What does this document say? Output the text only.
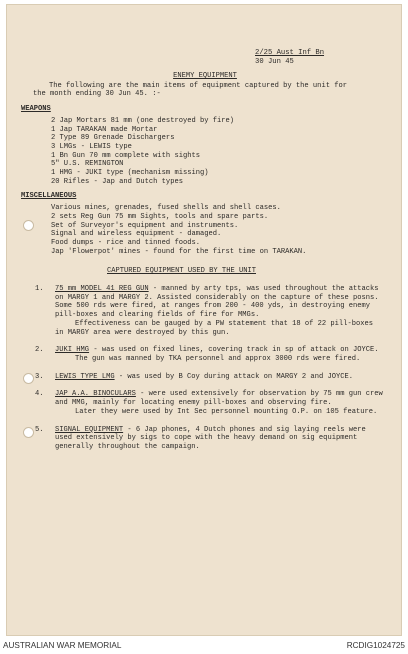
2/25 Aust Inf Bn
30 Jun 45
ENEMY EQUIPMENT
The following are the main items of equipment captured by the unit for
the month ending 30 Jun 45. :-
WEAPONS
2 Jap Mortars 81 mm (one destroyed by fire)
1 Jap TARAKAN made Mortar
2 Type 89 Grenade Dischargers
3 LMGs - LEWIS type
1 Bn Gun 70 mm complete with sights
5" U.S. REMINGTON
1 HMG - JUKI type (mechanism missing)
20 Rifles - Jap and Dutch types
MISCELLANEOUS
Various mines, grenades, fused shells and shell cases.
2 sets Reg Gun 75 mm Sights, tools and spare parts.
Set of Surveyor's equipment and instruments.
Signal and wireless equipment - damaged.
Food dumps - rice and tinned foods.
Jap 'Flowerpot' mines - found for the first time on TARAKAN.
CAPTURED EQUIPMENT USED BY THE UNIT
1. 75 mm MODEL 41 REG GUN - manned by arty tps, was used throughout the attacks on MARGY 1 and MARGY 2. Assisted considerably on the capture of these posns. Some 500 rds were fired, at ranges from 200 - 400 yds, in destroying enemy pill-boxes and clearing fields of fire for MMGs.
Effectiveness can be gauged by a PW statement that 18 of 22 pill-boxes in MARGY area were destroyed by this gun.
2. JUKI HMG - was used on fixed lines, covering track in sp of attack on JOYCE.
The gun was manned by TKA personnel and approx 3000 rds were fired.
3. LEWIS TYPE LMG - was used by B Coy during attack on MARGY 2 and JOYCE.
4. JAP A.A. BINOCULARS - were used extensively for observation by 75 mm gun crew and MMG, mainly for locating enemy pill-boxes and observing fire.
Later they were used by Int Sec personnel mounting O.P. on 105 feature.
5. SIGNAL EQUIPMENT - 6 Jap phones, 4 Dutch phones and sig laying reels were used extensively by sigs to cope with the heavy demand on sig equipment generally throughout the campaign.
AUSTRALIAN WAR MEMORIAL	RCDIG1024725
